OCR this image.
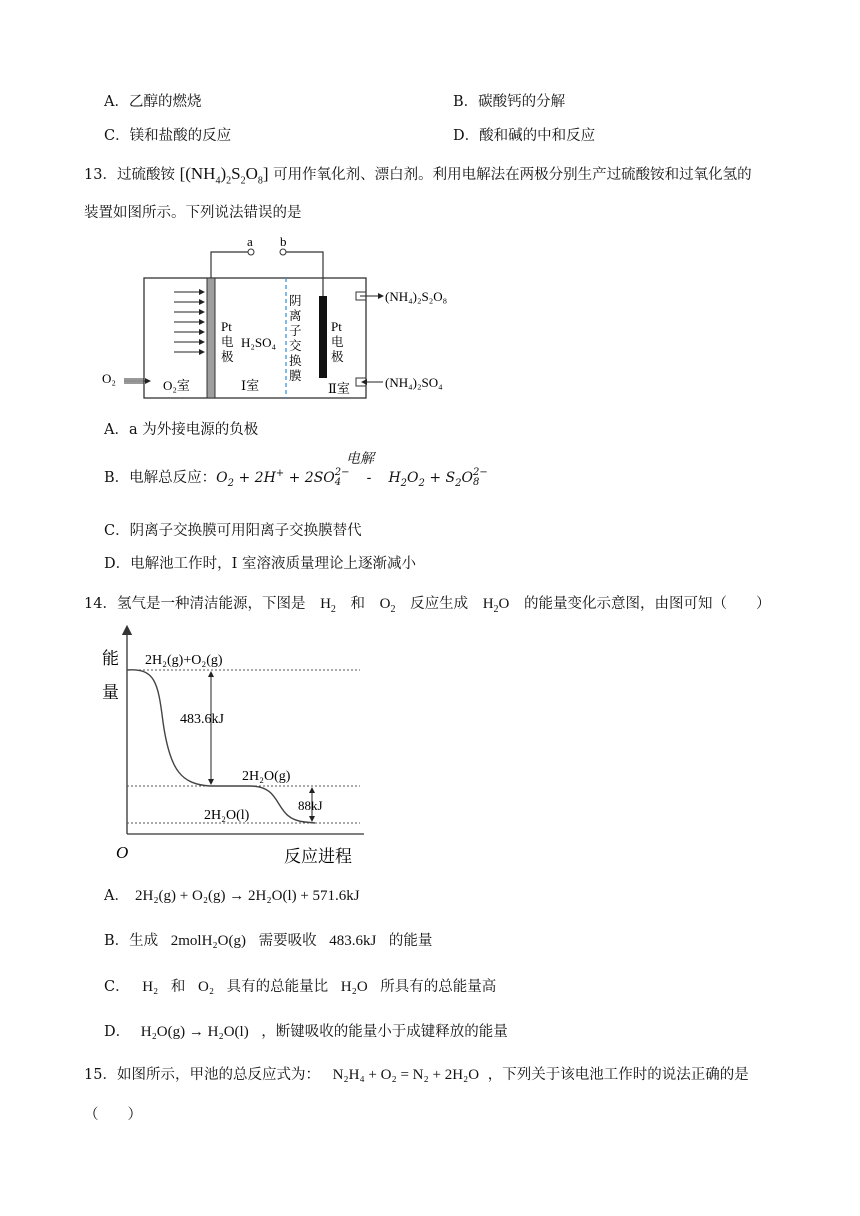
A．乙醇的燃烧	B．碳酸钙的分解
C．镁和盐酸的反应	D．酸和碱的中和反应
13．过硫酸铵 $[(NH_4)_2S_2O_8]$ 可用作氧化剂、漂白剂。利用电解法在两极分别生产过硫酸铵和过氧化氢的
装置如图所示。下列说法错误的是
a b
O₂
(NH₄)₂S₂O₈
(NH₄)₂SO₄
Pt
电
极
H₂SO₄
阴
离
子
交
换
膜
Pt
电
极
O₂室	Ⅰ室	Ⅱ室
A．a 为外接电源的负极
B．电解总反应：$O_2 + 2H^+ + 2SO$ 2−
4

电解
‐ $H_2O_2 + S_2O$ 2−
8
C．阴离子交换膜可用阳离子交换膜替代
D．电解池工作时，I 室溶液质量理论上逐渐减小
14．氢气是一种清洁能源，下图是 $H_2$ 和 $O_2$ 反应生成 $H_2O$ 的能量变化示意图，由图可知（　　）
能
量
O	反应进程
2H₂(g)+O₂(g)
483.6kJ
2H₂O(g)
88kJ
2H₂O(l)
A． 2H₂(g) + O₂(g) → 2H₂O(l) + 571.6kJ
B．生成 2molH₂O(g) 需要吸收 483.6kJ 的能量
C． H₂ 和 O₂ 具有的总能量比 H₂O 所具有的总能量高
D． H₂O(g) → H₂O(l) ，断键吸收的能量小于成键释放的能量
15．如图所示，甲池的总反应式为： N₂H₄ + O₂ = N₂ + 2H₂O ，下列关于该电池工作时的说法正确的是
（　　）
